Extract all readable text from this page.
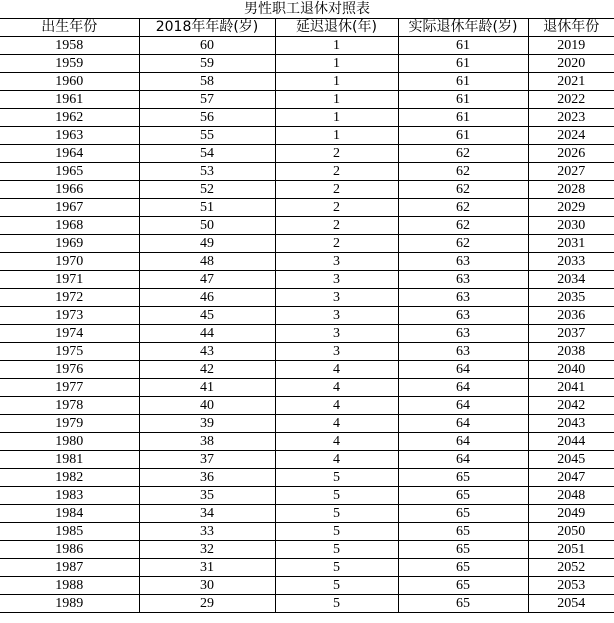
男性职工退休对照表
出生年份	2018年年龄(岁)	延迟退休(年)	实际退休年龄(岁)	退休年份
1958	60	1	61	2019
1959	59	1	61	2020
1960	58	1	61	2021
1961	57	1	61	2022
1962	56	1	61	2023
1963	55	1	61	2024
1964	54	2	62	2026
1965	53	2	62	2027
1966	52	2	62	2028
1967	51	2	62	2029
1968	50	2	62	2030
1969	49	2	62	2031
1970	48	3	63	2033
1971	47	3	63	2034
1972	46	3	63	2035
1973	45	3	63	2036
1974	44	3	63	2037
1975	43	3	63	2038
1976	42	4	64	2040
1977	41	4	64	2041
1978	40	4	64	2042
1979	39	4	64	2043
1980	38	4	64	2044
1981	37	4	64	2045
1982	36	5	65	2047
1983	35	5	65	2048
1984	34	5	65	2049
1985	33	5	65	2050
1986	32	5	65	2051
1987	31	5	65	2052
1988	30	5	65	2053
1989	29	5	65	2054
